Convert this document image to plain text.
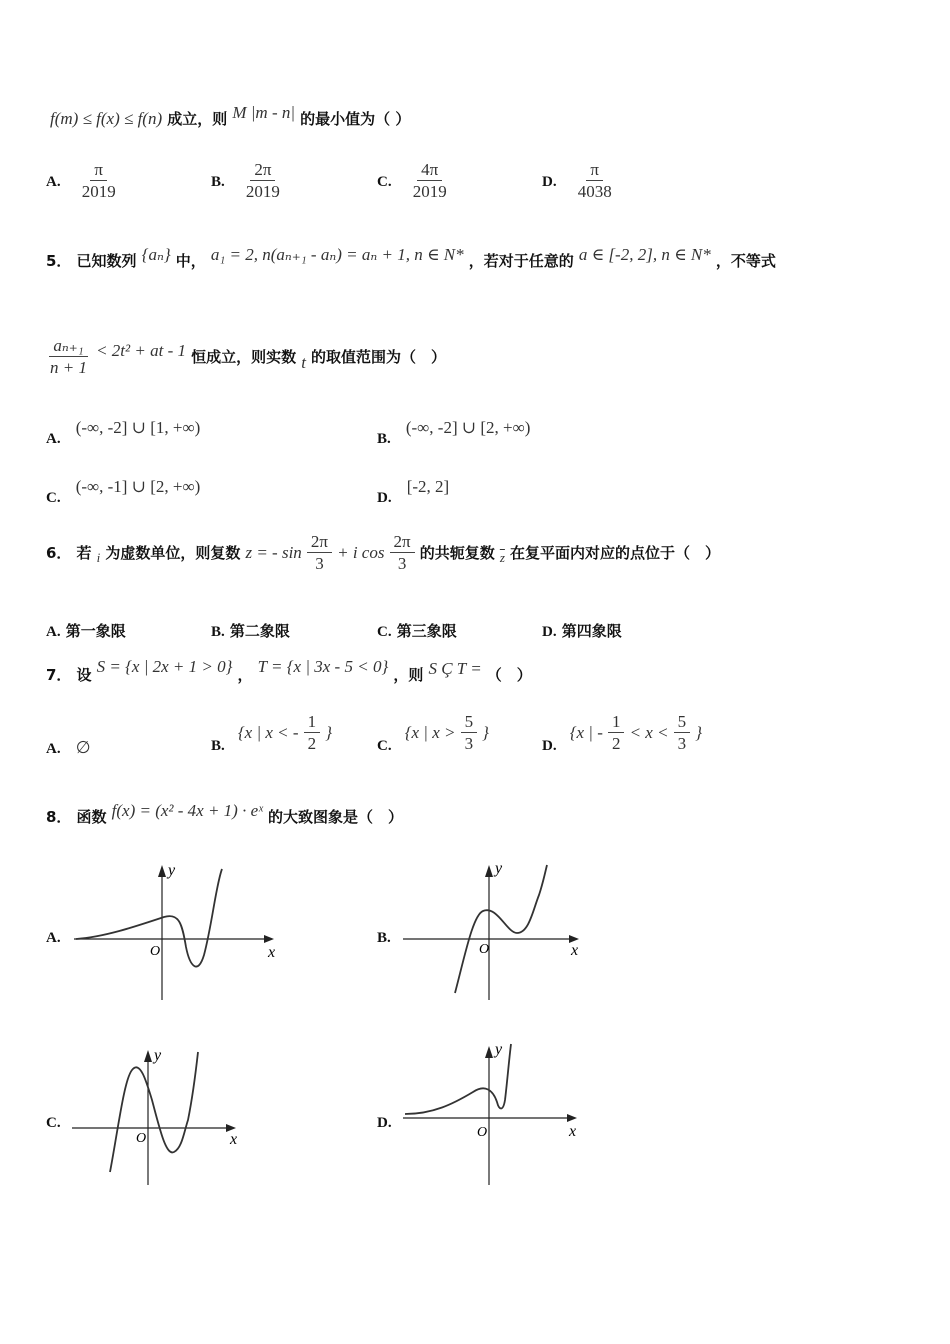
f(m) ≤ f(x) ≤ f(n) 成立，则 M |m - n| 的最小值为（ ）
A. $\frac{\pi}{2019}$	B. $\frac{2\pi}{2019}$	C. $\frac{4\pi}{2019}$	D. $\frac{\pi}{4038}$
5． 已知数列 {aₙ} 中， a₁ = 2, n(aₙ₊₁ - aₙ) = aₙ + 1, n ∈ N* ，若对于任意的 a ∈ [-2, 2], n ∈ N* ，不等式
$\frac{\text{aₙ₊₁}}{n + 1} < 2t^2$ + at - 1 恒成立，则实数 t 的取值范围为（　）
A. (-∞, -2] ∪ [1, +∞)
B. (-∞, -2] ∪ [2, +∞)
C. (-∞, -1] ∪ [2, +∞)
D. [-2, 2]
6． 若 $_i$ 为虚数单位，则复数 z = - $\sin \frac{2\pi}{3} + i$ $\cos \frac{2\pi}{3}$ 的共轭复数 $_{\overline{z}}$ 在复平面内对应的点位于（　）
A. 第一象限	B. 第二象限	C. 第三象限	D. 第四象限
7． 设 S = {x | 2x + 1 > 0} ， T = {x | 3x - 5 < 0} ，则 S Ç T = （　）
A. ∅	B. {x | x < - $\frac{1}{2}$ }
C. {x | $x > \frac{5}{3}$ }
D. {x | - $\frac{1}{2} < x < \frac{5}{3}$ }
8． 函数 f(x) = (x² - 4x + 1) · eˣ 的大致图象是（　）
A.
y
x
O
B.
y
x
O
C.
y
x
O
D.
y
x
O
